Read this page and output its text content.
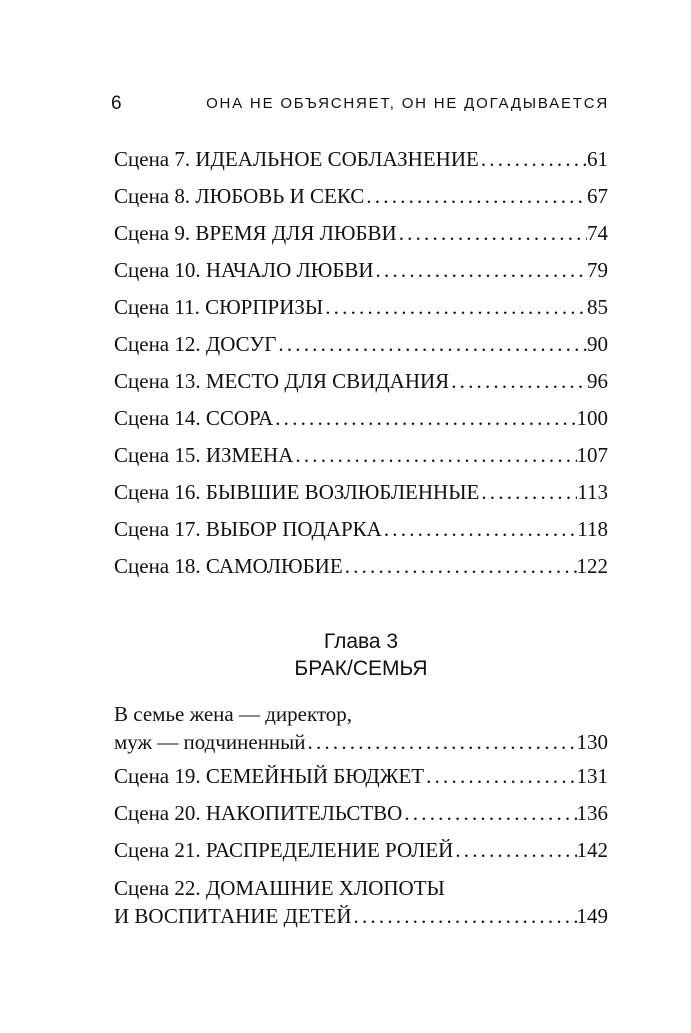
6	ОНА НЕ ОБЪЯСНЯЕТ, ОН НЕ ДОГАДЫВАЕТСЯ
Сцена 7. ИДЕАЛЬНОЕ СОБЛАЗНЕНИЕ .....	61
Сцена 8. ЛЮБОВЬ И СЕКС .....	67
Сцена 9. ВРЕМЯ ДЛЯ ЛЮБВИ .....	74
Сцена 10. НАЧАЛО ЛЮБВИ .....	79
Сцена 11. СЮРПРИЗЫ .....	85
Сцена 12. ДОСУГ .....	90
Сцена 13. МЕСТО ДЛЯ СВИДАНИЯ .....	96
Сцена 14. ССОРА .....	100
Сцена 15. ИЗМЕНА .....	107
Сцена 16. БЫВШИЕ ВОЗЛЮБЛЕННЫЕ .....	113
Сцена 17. ВЫБОР ПОДАРКА .....	118
Сцена 18. САМОЛЮБИЕ .....	122
Глава 3
БРАК/СЕМЬЯ
В семье жена — директор,
муж — подчиненный .....	130
Сцена 19. СЕМЕЙНЫЙ БЮДЖЕТ .....	131
Сцена 20. НАКОПИТЕЛЬСТВО .....	136
Сцена 21. РАСПРЕДЕЛЕНИЕ РОЛЕЙ .....	142
Сцена 22. ДОМАШНИЕ ХЛОПОТЫ
И ВОСПИТАНИЕ ДЕТЕЙ .....	149
